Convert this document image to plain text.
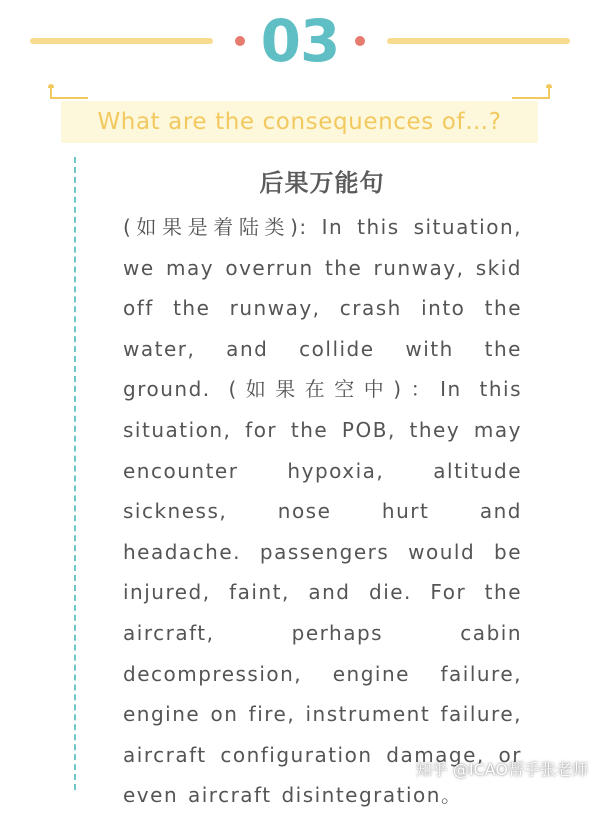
03
What are the consequences of…?
后果万能句

(如果是着陆类): In this situation, we may overrun the runway, skid off the runway, crash into the water, and collide with the ground. (如果在空中)：In this situation, for the POB, they may encounter hypoxia, altitude sickness, nose hurt and headache. passengers would be injured, faint, and die. For the aircraft, perhaps cabin decompression, engine failure, engine on fire, instrument failure, aircraft configuration damage, or even aircraft disintegration。

知乎 @ICAO帮手张老师
